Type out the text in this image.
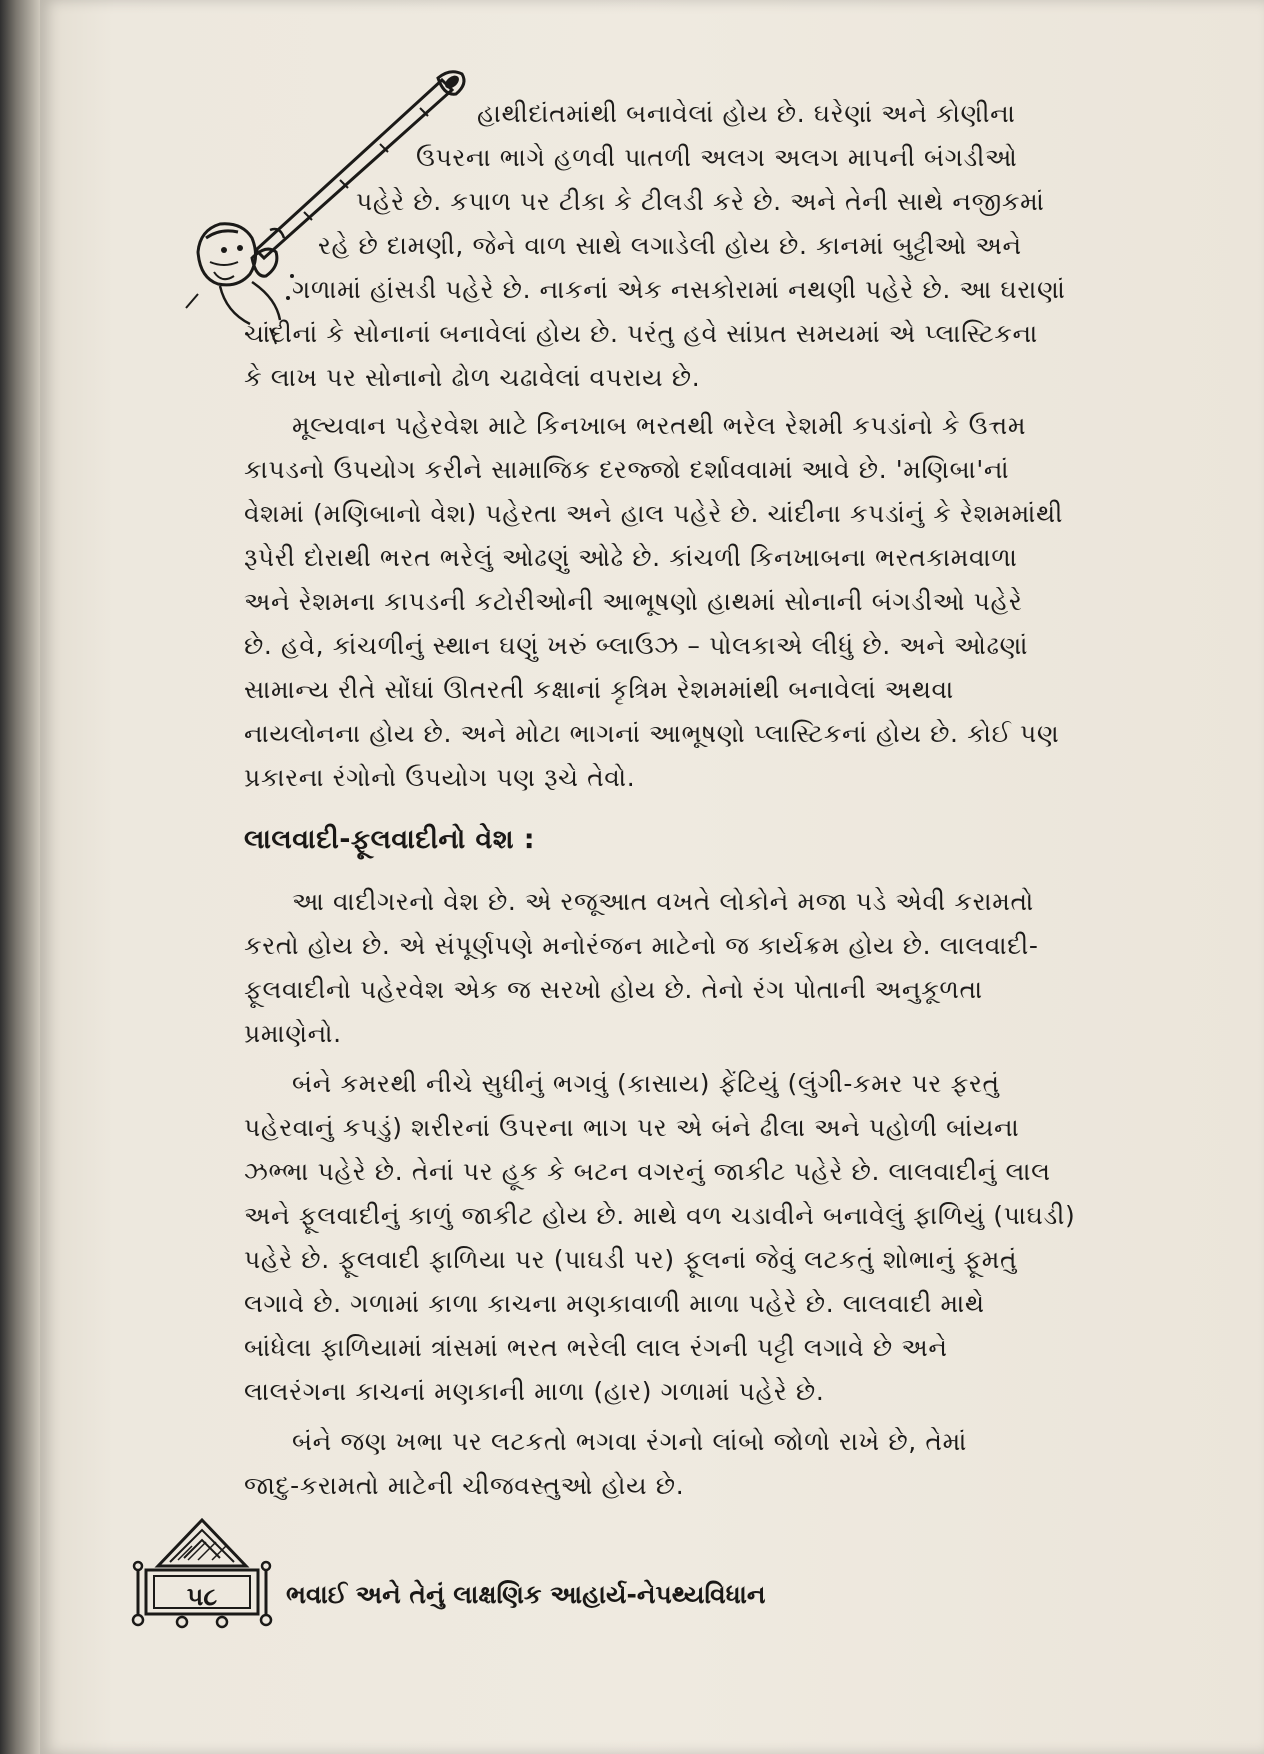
હાથીદાંતમાંથી બનાવેલાં હોય છે. ઘરેણાં અને કોણીના
ઉપરના ભાગે હળવી પાતળી અલગ અલગ માપની બંગડીઓ
પહેરે છે. કપાળ પર ટીકા કે ટીલડી કરે છે. અને તેની સાથે નજીકમાં
રહે છે દામણી, જેને વાળ સાથે લગાડેલી હોય છે. કાનમાં બુટ્ટીઓ અને
ગળામાં હાંસડી પહેરે છે. નાકનાં એક નસકોરામાં નથણી પહેરે છે. આ ઘરાણાં
ચાંદીનાં કે સોનાનાં બનાવેલાં હોય છે. પરંતુ હવે સાંપ્રત સમયમાં એ પ્લાસ્ટિકના
કે લાખ પર સોનાનો ઢોળ ચઢાવેલાં વપરાય છે.
મૂલ્યવાન પહેરવેશ માટે કિનખાબ ભરતથી ભરેલ રેશમી કપડાંનો કે ઉત્તમ
કાપડનો ઉપયોગ કરીને સામાજિક દરજ્જો દર્શાવવામાં આવે છે. 'મણિબા'નાં
વેશમાં (મણિબાનો વેશ) પહેરતા અને હાલ પહેરે છે. ચાંદીના કપડાંનું કે રેશમમાંથી
રૂપેરી દોરાથી ભરત ભરેલું ઓઢણું ઓઢે છે. કાંચળી કિનખાબના ભરતકામવાળા
અને રેશમના કાપડની કટોરીઓની આભૂષણો હાથમાં સોનાની બંગડીઓ પહેરે
છે. હવે, કાંચળીનું સ્થાન ઘણું ખરું બ્લાઉઝ – પોલકાએ લીધું છે. અને ઓઢણાં
સામાન્ય રીતે સોંઘાં ઊતરતી કક્ષાનાં કૃત્રિમ રેશમમાંથી બનાવેલાં અથવા
નાયલોનના હોય છે. અને મોટા ભાગનાં આભૂષણો પ્લાસ્ટિકનાં હોય છે. કોઈ પણ
પ્રકારના રંગોનો ઉપયોગ પણ રૂચે તેવો.
લાલવાદી-ફૂલવાદીનો વેશ :
આ વાદીગરનો વેશ છે. એ રજૂઆત વખતે લોકોને મજા પડે એવી કરામતો
કરતો હોય છે. એ સંપૂર્ણપણે મનોરંજન માટેનો જ કાર્યક્રમ હોય છે. લાલવાદી-
ફૂલવાદીનો પહેરવેશ એક જ સરખો હોય છે. તેનો રંગ પોતાની અનુકૂળતા
પ્રમાણેનો.
બંને કમરથી નીચે સુધીનું ભગવું (કાસાય) ફેંટિયું (લુંગી-કમર પર ફરતું
પહેરવાનું કપડું) શરીરનાં ઉપરના ભાગ પર એ બંને ઢીલા અને પહોળી બાંયના
ઝભ્ભા પહેરે છે. તેનાં પર હૂક કે બટન વગરનું જાકીટ પહેરે છે. લાલવાદીનું લાલ
અને ફૂલવાદીનું કાળું જાકીટ હોય છે. માથે વળ ચડાવીને બનાવેલું ફાળિયું (પાઘડી)
પહેરે છે. ફૂલવાદી ફાળિયા પર (પાઘડી પર) ફૂલનાં જેવું લટકતું શોભાનું ફૂમતું
લગાવે છે. ગળામાં કાળા કાચના મણકાવાળી માળા પહેરે છે. લાલવાદી માથે
બાંધેલા ફાળિયામાં ત્રાંસમાં ભરત ભરેલી લાલ રંગની પટ્ટી લગાવે છે અને
લાલરંગના કાચનાં મણકાની માળા (હાર) ગળામાં પહેરે છે.
બંને જણ ખભા પર લટકતો ભગવા રંગનો લાંબો જોળો રાખે છે, તેમાં
જાદુ-કરામતો માટેની ચીજવસ્તુઓ હોય છે.
૫૮	ભવાઈ અને તેનું લાક્ષણિક આહાર્ય-નેપથ્યવિધાન
